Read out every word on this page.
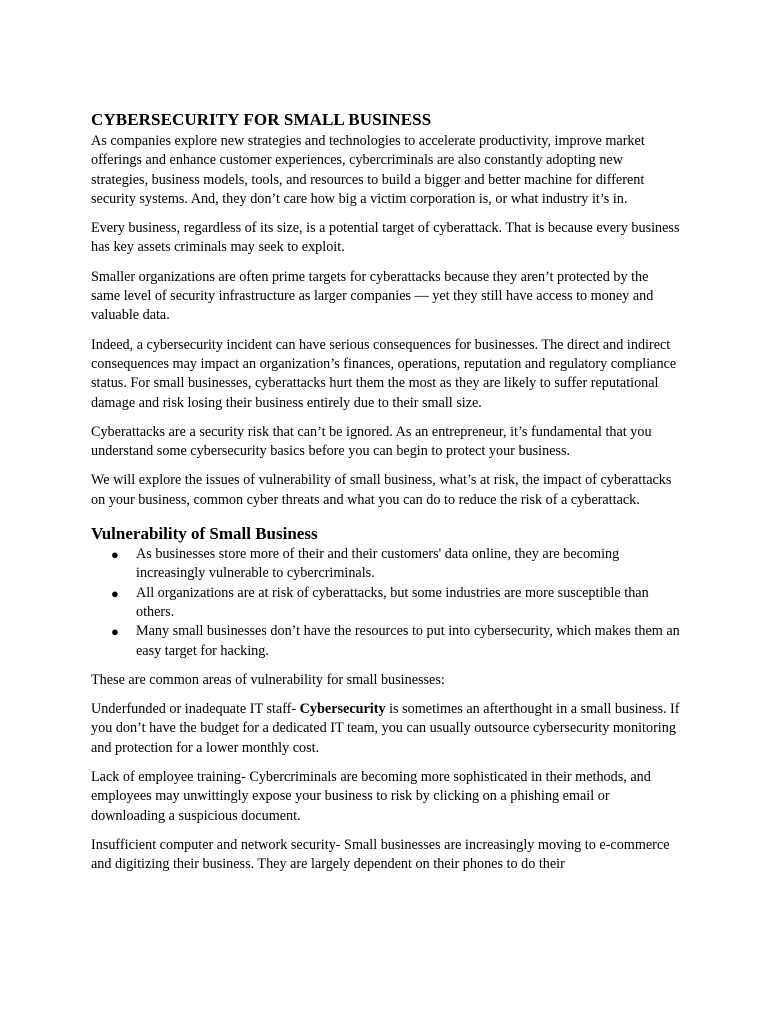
CYBERSECURITY FOR SMALL BUSINESS

As companies explore new strategies and technologies to accelerate productivity, improve market offerings and enhance customer experiences, cybercriminals are also constantly adopting new strategies, business models, tools, and resources to build a bigger and better machine for different security systems. And, they don’t care how big a victim corporation is, or what industry it’s in.

Every business, regardless of its size, is a potential target of cyberattack. That is because every business has key assets criminals may seek to exploit.

Smaller organizations are often prime targets for cyberattacks because they aren’t protected by the same level of security infrastructure as larger companies — yet they still have access to money and valuable data.

Indeed, a cybersecurity incident can have serious consequences for businesses. The direct and indirect consequences may impact an organization’s finances, operations, reputation and regulatory compliance status. For small businesses, cyberattacks hurt them the most as they are likely to suffer reputational damage and risk losing their business entirely due to their small size.

Cyberattacks are a security risk that can’t be ignored. As an entrepreneur, it’s fundamental that you understand some cybersecurity basics before you can begin to protect your business.

We will explore the issues of vulnerability of small business, what’s at risk, the impact of cyberattacks on your business, common cyber threats and what you can do to reduce the risk of a cyberattack.

Vulnerability of Small Business
● As businesses store more of their and their customers' data online, they are becoming increasingly vulnerable to cybercriminals.
● All organizations are at risk of cyberattacks, but some industries are more susceptible than others.
● Many small businesses don’t have the resources to put into cybersecurity, which makes them an easy target for hacking.

These are common areas of vulnerability for small businesses:

Underfunded or inadequate IT staff- Cybersecurity is sometimes an afterthought in a small business. If you don’t have the budget for a dedicated IT team, you can usually outsource cybersecurity monitoring and protection for a lower monthly cost.

Lack of employee training- Cybercriminals are becoming more sophisticated in their methods, and employees may unwittingly expose your business to risk by clicking on a phishing email or downloading a suspicious document.

Insufficient computer and network security- Small businesses are increasingly moving to e-commerce and digitizing their business. They are largely dependent on their phones to do their
